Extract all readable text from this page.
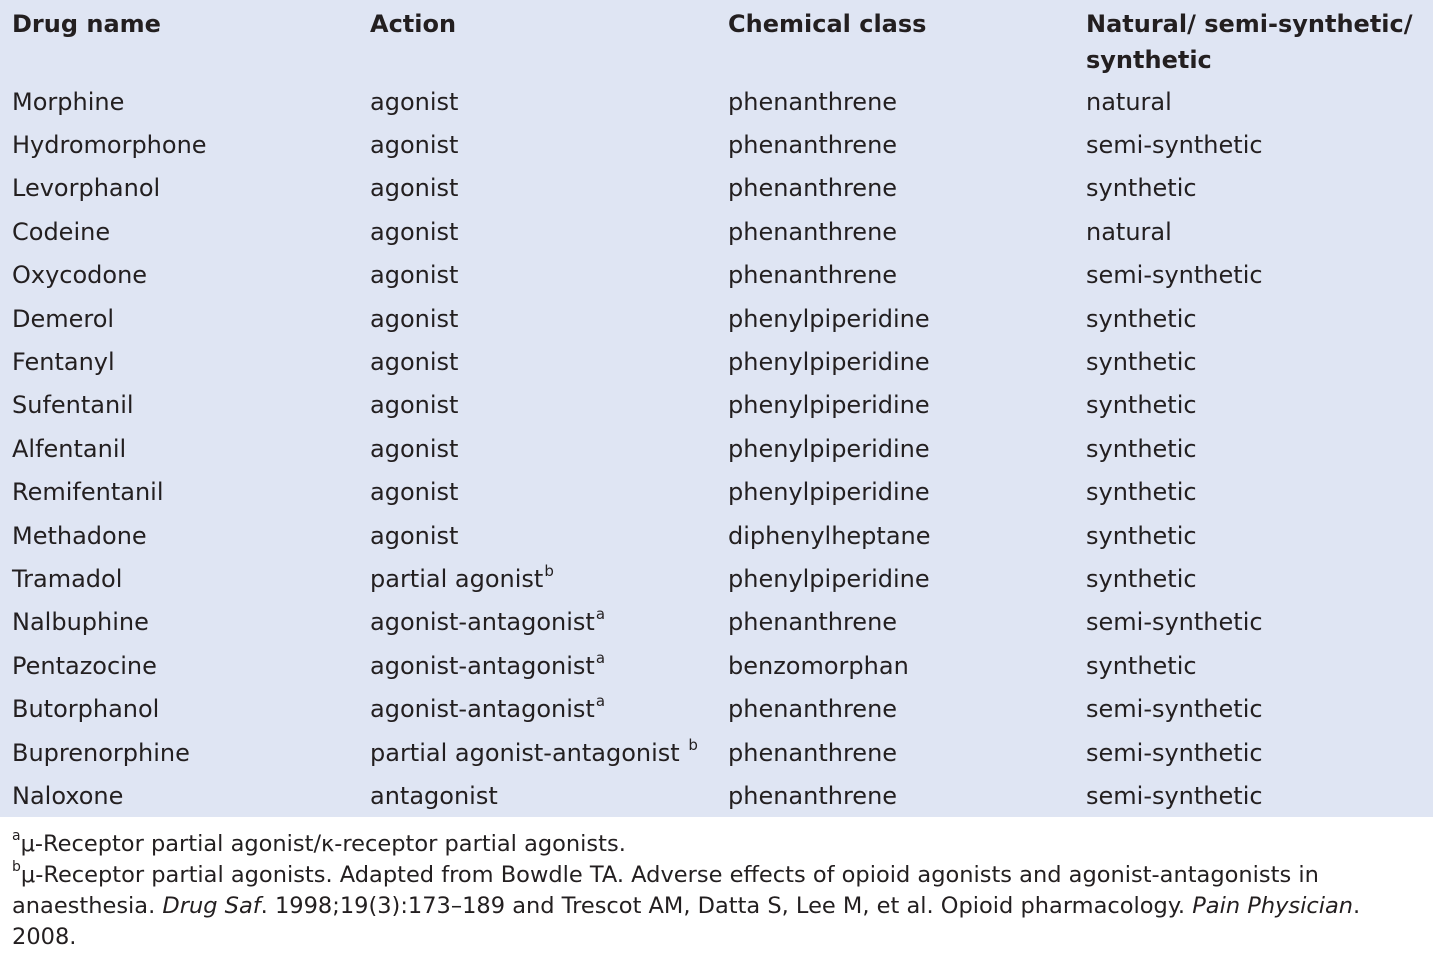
Drug name	Action	Chemical class	Natural/ semi-synthetic/ synthetic
Morphine	agonist	phenanthrene	natural
Hydromorphone	agonist	phenanthrene	semi-synthetic
Levorphanol	agonist	phenanthrene	synthetic
Codeine	agonist	phenanthrene	natural
Oxycodone	agonist	phenanthrene	semi-synthetic
Demerol	agonist	phenylpiperidine	synthetic
Fentanyl	agonist	phenylpiperidine	synthetic
Sufentanil	agonist	phenylpiperidine	synthetic
Alfentanil	agonist	phenylpiperidine	synthetic
Remifentanil	agonist	phenylpiperidine	synthetic
Methadone	agonist	diphenylheptane	synthetic
Tramadol	partial agonist$^b$	phenylpiperidine	synthetic
Nalbuphine	agonist-antagonist$^a$	phenanthrene	semi-synthetic
Pentazocine	agonist-antagonist$^a$	benzomorphan	synthetic
Butorphanol	agonist-antagonist$^a$	phenanthrene	semi-synthetic
Buprenorphine	partial agonist-antagonist $^b$	phenanthrene	semi-synthetic
Naloxone	antagonist	phenanthrene	semi-synthetic

$^a$μ-Receptor partial agonist/κ-receptor partial agonists.

$^b$μ-Receptor partial agonists. Adapted from Bowdle TA. Adverse effects of opioid agonists and agonist-antagonists in anaesthesia. Drug Saf. 1998;19(3):173–189 and Trescot AM, Datta S, Lee M, et al. Opioid pharmacology. Pain Physician. 2008.
